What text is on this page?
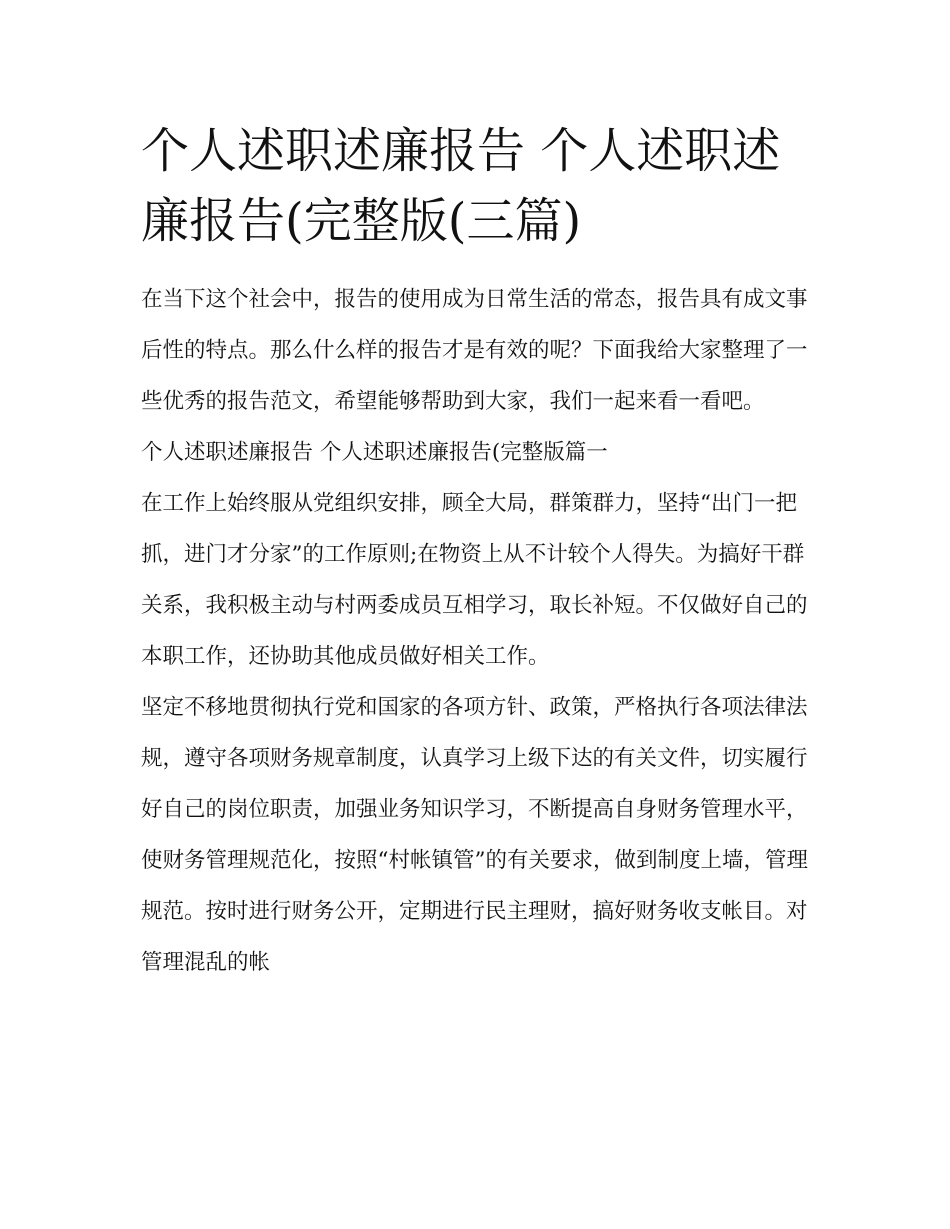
个人述职述廉报告 个人述职述廉报告(完整版(三篇)

在当下这个社会中，报告的使用成为日常生活的常态，报告具有成文事后性的特点。那么什么样的报告才是有效的呢？下面我给大家整理了一些优秀的报告范文，希望能够帮助到大家，我们一起来看一看吧。

个人述职述廉报告 个人述职述廉报告(完整版篇一

在工作上始终服从党组织安排，顾全大局，群策群力，坚持“出门一把抓，进门才分家”的工作原则;在物资上从不计较个人得失。为搞好干群关系，我积极主动与村两委成员互相学习，取长补短。不仅做好自己的本职工作，还协助其他成员做好相关工作。

坚定不移地贯彻执行党和国家的各项方针、政策，严格执行各项法律法规，遵守各项财务规章制度，认真学习上级下达的有关文件，切实履行好自己的岗位职责，加强业务知识学习，不断提高自身财务管理水平，使财务管理规范化，按照“村帐镇管”的有关要求，做到制度上墙，管理规范。按时进行财务公开，定期进行民主理财，搞好财务收支帐目。对管理混乱的帐
